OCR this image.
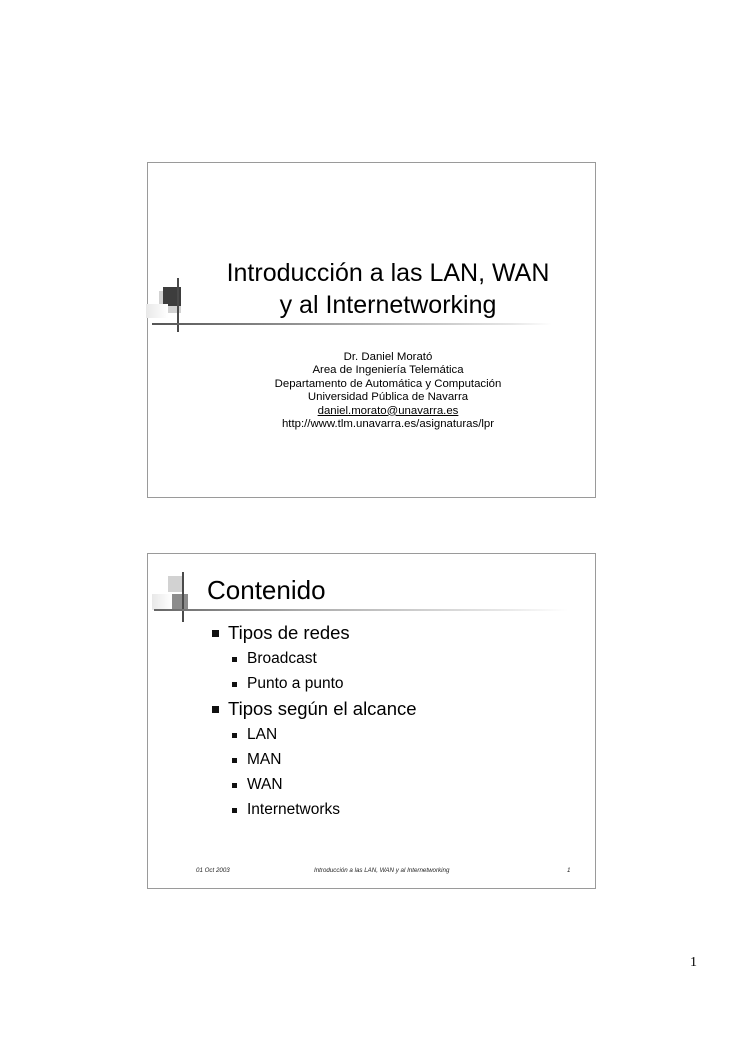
Introducción a las LAN, WAN
y al Internetworking
Dr. Daniel Morató
Area de Ingeniería Telemática
Departamento de Automática y Computación
Universidad Pública de Navarra
daniel.morato@unavarra.es
http://www.tlm.unavarra.es/asignaturas/lpr
Contenido
Tipos de redes
Broadcast
Punto a punto
Tipos según el alcance
LAN
MAN
WAN
Internetworks
01 Oct 2003	Introducción a las LAN, WAN y al Internetworking	1
1
